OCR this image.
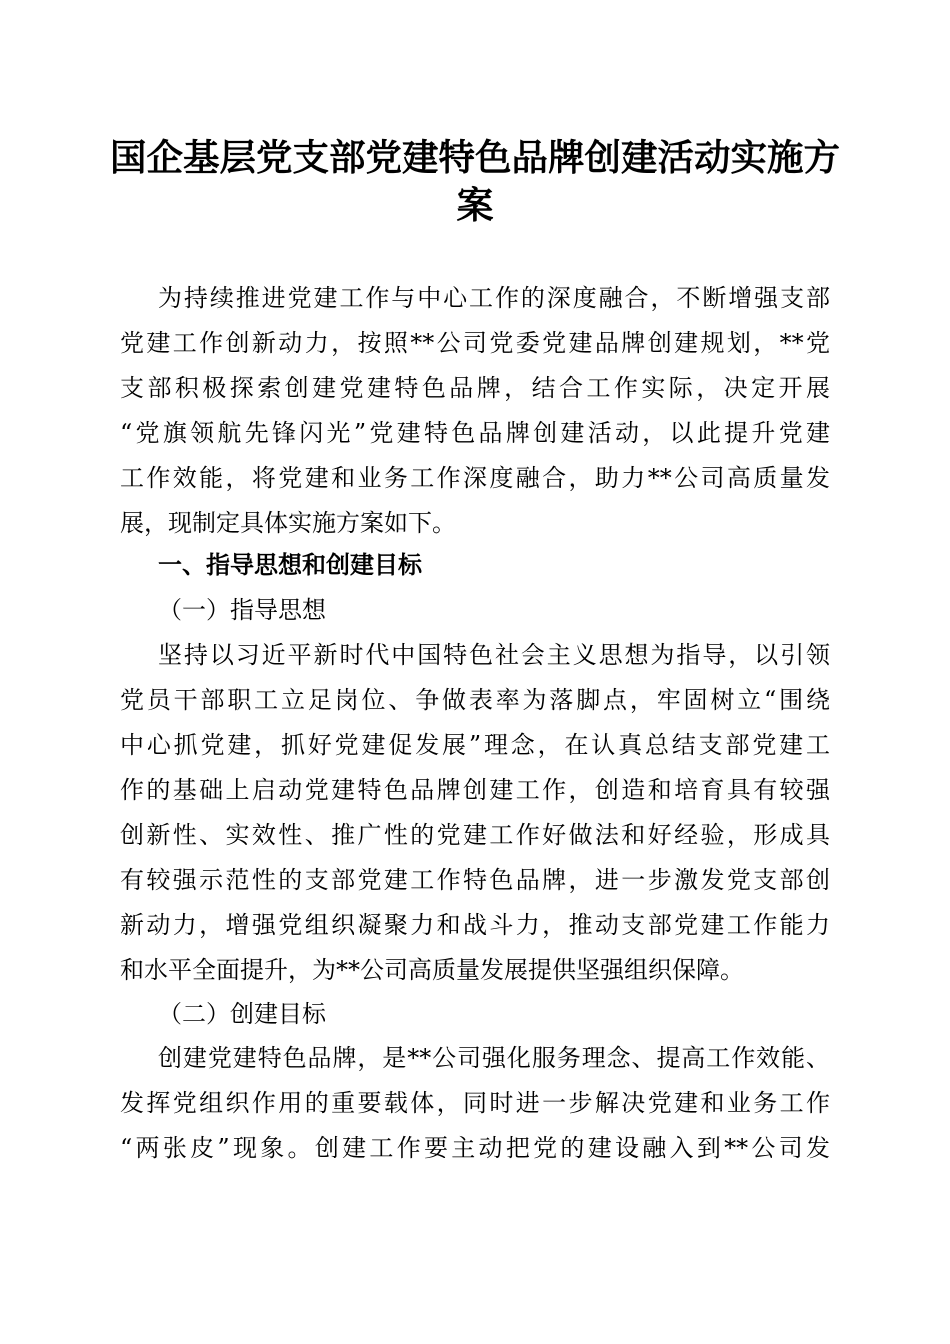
国企基层党支部党建特色品牌创建活动实施方
案
为持续推进党建工作与中心工作的深度融合，不断增强支部
党建工作创新动力，按照**公司党委党建品牌创建规划，**党
支部积极探索创建党建特色品牌，结合工作实际，决定开展
“党旗领航先锋闪光”党建特色品牌创建活动，以此提升党建
工作效能，将党建和业务工作深度融合，助力**公司高质量发
展，现制定具体实施方案如下。
一、指导思想和创建目标
（一）指导思想
坚持以习近平新时代中国特色社会主义思想为指导，以引领
党员干部职工立足岗位、争做表率为落脚点，牢固树立“围绕
中心抓党建，抓好党建促发展”理念，在认真总结支部党建工
作的基础上启动党建特色品牌创建工作，创造和培育具有较强
创新性、实效性、推广性的党建工作好做法和好经验，形成具
有较强示范性的支部党建工作特色品牌，进一步激发党支部创
新动力，增强党组织凝聚力和战斗力，推动支部党建工作能力
和水平全面提升，为**公司高质量发展提供坚强组织保障。
（二）创建目标
创建党建特色品牌，是**公司强化服务理念、提高工作效能、
发挥党组织作用的重要载体，同时进一步解决党建和业务工作
“两张皮”现象。创建工作要主动把党的建设融入到**公司发
